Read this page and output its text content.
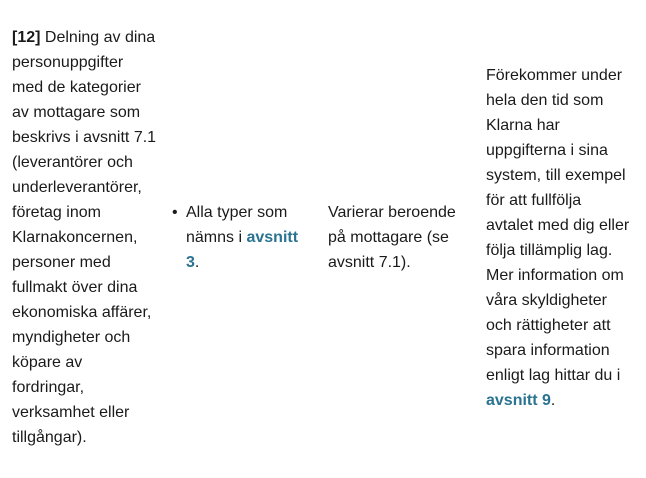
[12] Delning av dina personuppgifter med de kategorier av mottagare som beskrivs i avsnitt 7.1 (leverantörer och underleverantörer, företag inom Klarnakoncernen, personer med fullmakt över dina ekonomiska affärer, myndigheter och köpare av fordringar, verksamhet eller tillgångar).
• Alla typer som nämns i avsnitt 3.
Varierar beroende på mottagare (se avsnitt 7.1).
Förekommer under hela den tid som Klarna har uppgifterna i sina system, till exempel för att fullfölja avtalet med dig eller följa tillämplig lag. Mer information om våra skyldigheter och rättigheter att spara information enligt lag hittar du i avsnitt 9.
